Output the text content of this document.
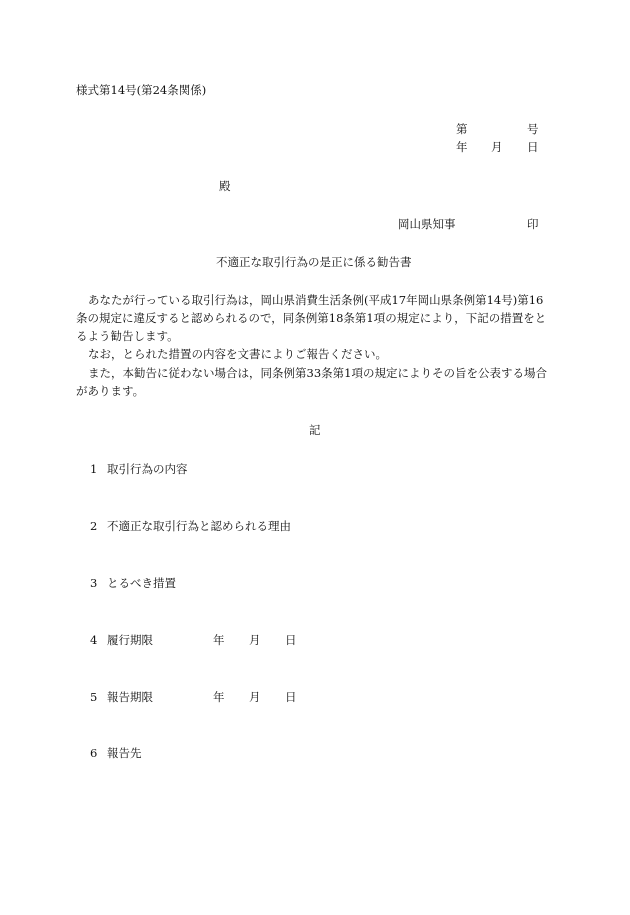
様式第14号(第24条関係)
第	号
年 月 日
殿
岡山県知事	印
不適正な取引行為の是正に係る勧告書
あなたが行っている取引行為は，岡山県消費生活条例(平成17年岡山県条例第14号)第16
条の規定に違反すると認められるので，同条例第18条第1項の規定により，下記の措置をと
るよう勧告します。
なお，とられた措置の内容を文書によりご報告ください。
また，本勧告に従わない場合は，同条例第33条第1項の規定によりその旨を公表する場合
があります。
記
1 取引行為の内容
2 不適正な取引行為と認められる理由
3 とるべき措置
4 履行期限	年 月 日
5 報告期限	年 月 日
6 報告先
